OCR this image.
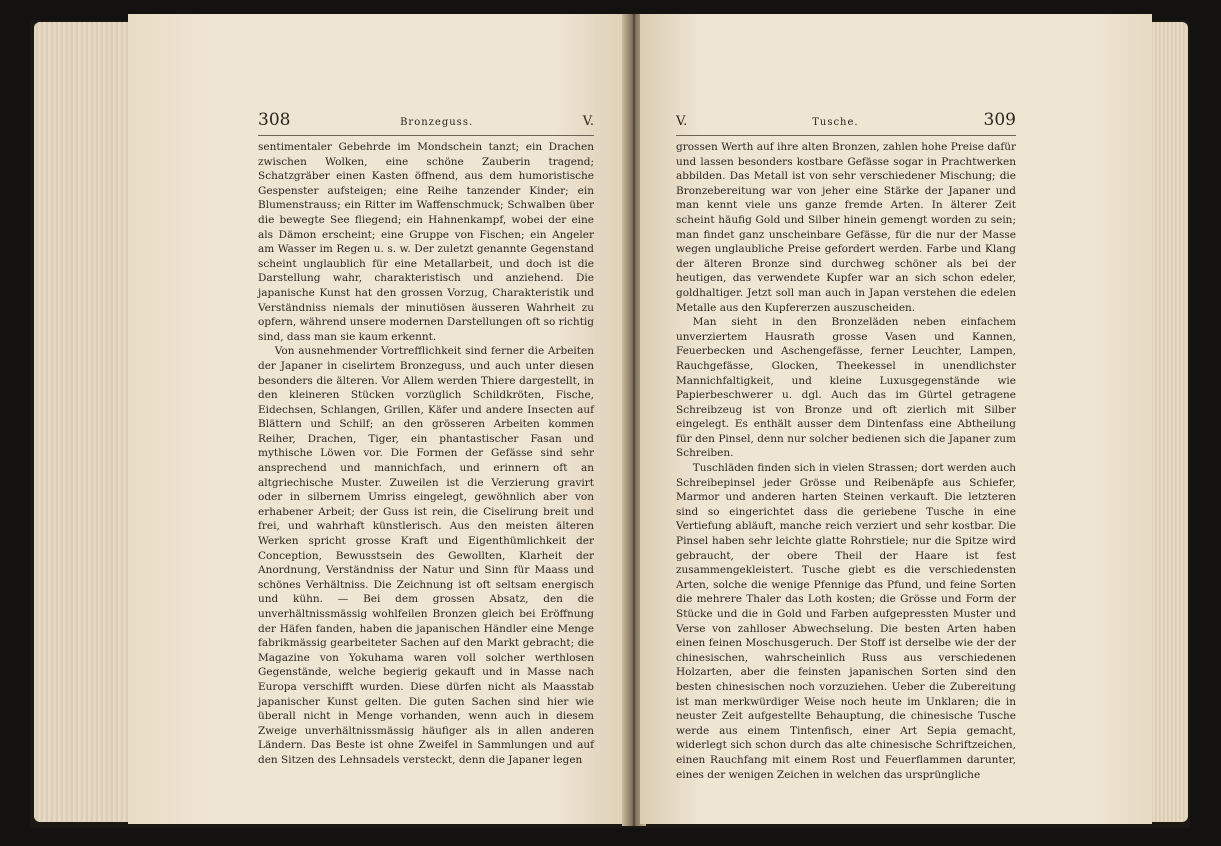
308	Bronzeguss.	V.

sentimentaler Gebehrde im Mondschein tanzt; ein Drachen zwischen Wolken, eine schöne Zauberin tragend; Schatzgräber einen Kasten öffnend, aus dem humoristische Gespenster aufsteigen; eine Reihe tanzender Kinder; ein Blumenstrauss; ein Ritter im Waffenschmuck; Schwalben über die bewegte See fliegend; ein Hahnenkampf, wobei der eine als Dämon erscheint; eine Gruppe von Fischen; ein Angeler am Wasser im Regen u. s. w. Der zuletzt genannte Gegenstand scheint unglaublich für eine Metallarbeit, und doch ist die Darstellung wahr, charakteristisch und anziehend. Die japanische Kunst hat den grossen Vorzug, Charakteristik und Verständniss niemals der minutiösen äusseren Wahrheit zu opfern, während unsere modernen Darstellungen oft so richtig sind, dass man sie kaum erkennt.

Von ausnehmender Vortrefflichkeit sind ferner die Arbeiten der Japaner in ciselirtem Bronzeguss, und auch unter diesen besonders die älteren. Vor Allem werden Thiere dargestellt, in den kleineren Stücken vorzüglich Schildkröten, Fische, Eidechsen, Schlangen, Grillen, Käfer und andere Insecten auf Blättern und Schilf; an den grösseren Arbeiten kommen Reiher, Drachen, Tiger, ein phantastischer Fasan und mythische Löwen vor. Die Formen der Gefässe sind sehr ansprechend und mannichfach, und erinnern oft an altgriechische Muster. Zuweilen ist die Verzierung gravirt oder in silbernem Umriss eingelegt, gewöhnlich aber von erhabener Arbeit; der Guss ist rein, die Ciselirung breit und frei, und wahrhaft künstlerisch. Aus den meisten älteren Werken spricht grosse Kraft und Eigenthümlichkeit der Conception, Bewusstsein des Gewollten, Klarheit der Anordnung, Verständniss der Natur und Sinn für Maass und schönes Verhältniss. Die Zeichnung ist oft seltsam energisch und kühn. — Bei dem grossen Absatz, den die unverhältnissmässig wohlfeilen Bronzen gleich bei Eröffnung der Häfen fanden, haben die japanischen Händler eine Menge fabrikmässig gearbeiteter Sachen auf den Markt gebracht; die Magazine von Yokuhama waren voll solcher werthlosen Gegenstände, welche begierig gekauft und in Masse nach Europa verschifft wurden. Diese dürfen nicht als Maasstab japanischer Kunst gelten. Die guten Sachen sind hier wie überall nicht in Menge vorhanden, wenn auch in diesem Zweige unverhältnissmässig häufiger als in allen anderen Ländern. Das Beste ist ohne Zweifel in Sammlungen und auf den Sitzen des Lehnsadels versteckt, denn die Japaner legen

V.	Tusche.	309

grossen Werth auf ihre alten Bronzen, zahlen hohe Preise dafür und lassen besonders kostbare Gefässe sogar in Prachtwerken abbilden. Das Metall ist von sehr verschiedener Mischung; die Bronzebereitung war von jeher eine Stärke der Japaner und man kennt viele uns ganze fremde Arten. In älterer Zeit scheint häufig Gold und Silber hinein gemengt worden zu sein; man findet ganz unscheinbare Gefässe, für die nur der Masse wegen unglaubliche Preise gefordert werden. Farbe und Klang der älteren Bronze sind durchweg schöner als bei der heutigen, das verwendete Kupfer war an sich schon edeler, goldhaltiger. Jetzt soll man auch in Japan verstehen die edelen Metalle aus den Kupfererzen auszuscheiden.

Man sieht in den Bronzeläden neben einfachem unverziertem Hausrath grosse Vasen und Kannen, Feuerbecken und Aschengefässe, ferner Leuchter, Lampen, Rauchgefässe, Glocken, Theekessel in unendlichster Mannichfaltigkeit, und kleine Luxusgegenstände wie Papierbeschwerer u. dgl. Auch das im Gürtel getragene Schreibzeug ist von Bronze und oft zierlich mit Silber eingelegt. Es enthält ausser dem Dintenfass eine Abtheilung für den Pinsel, denn nur solcher bedienen sich die Japaner zum Schreiben.

Tuschläden finden sich in vielen Strassen; dort werden auch Schreibepinsel jeder Grösse und Reibenäpfe aus Schiefer, Marmor und anderen harten Steinen verkauft. Die letzteren sind so eingerichtet dass die geriebene Tusche in eine Vertiefung abläuft, manche reich verziert und sehr kostbar. Die Pinsel haben sehr leichte glatte Rohrstiele; nur die Spitze wird gebraucht, der obere Theil der Haare ist fest zusammengekleistert. Tusche giebt es die verschiedensten Arten, solche die wenige Pfennige das Pfund, und feine Sorten die mehrere Thaler das Loth kosten; die Grösse und Form der Stücke und die in Gold und Farben aufgepressten Muster und Verse von zahlloser Abwechselung. Die besten Arten haben einen feinen Moschusgeruch. Der Stoff ist derselbe wie der der chinesischen, wahrscheinlich Russ aus verschiedenen Holzarten, aber die feinsten japanischen Sorten sind den besten chinesischen noch vorzuziehen. Ueber die Zubereitung ist man merkwürdiger Weise noch heute im Unklaren; die in neuster Zeit aufgestellte Behauptung, die chinesische Tusche werde aus einem Tintenfisch, einer Art Sepia gemacht, widerlegt sich schon durch das alte chinesische Schriftzeichen, einen Rauchfang mit einem Rost und Feuerflammen darunter, eines der wenigen Zeichen in welchen das ursprüngliche
